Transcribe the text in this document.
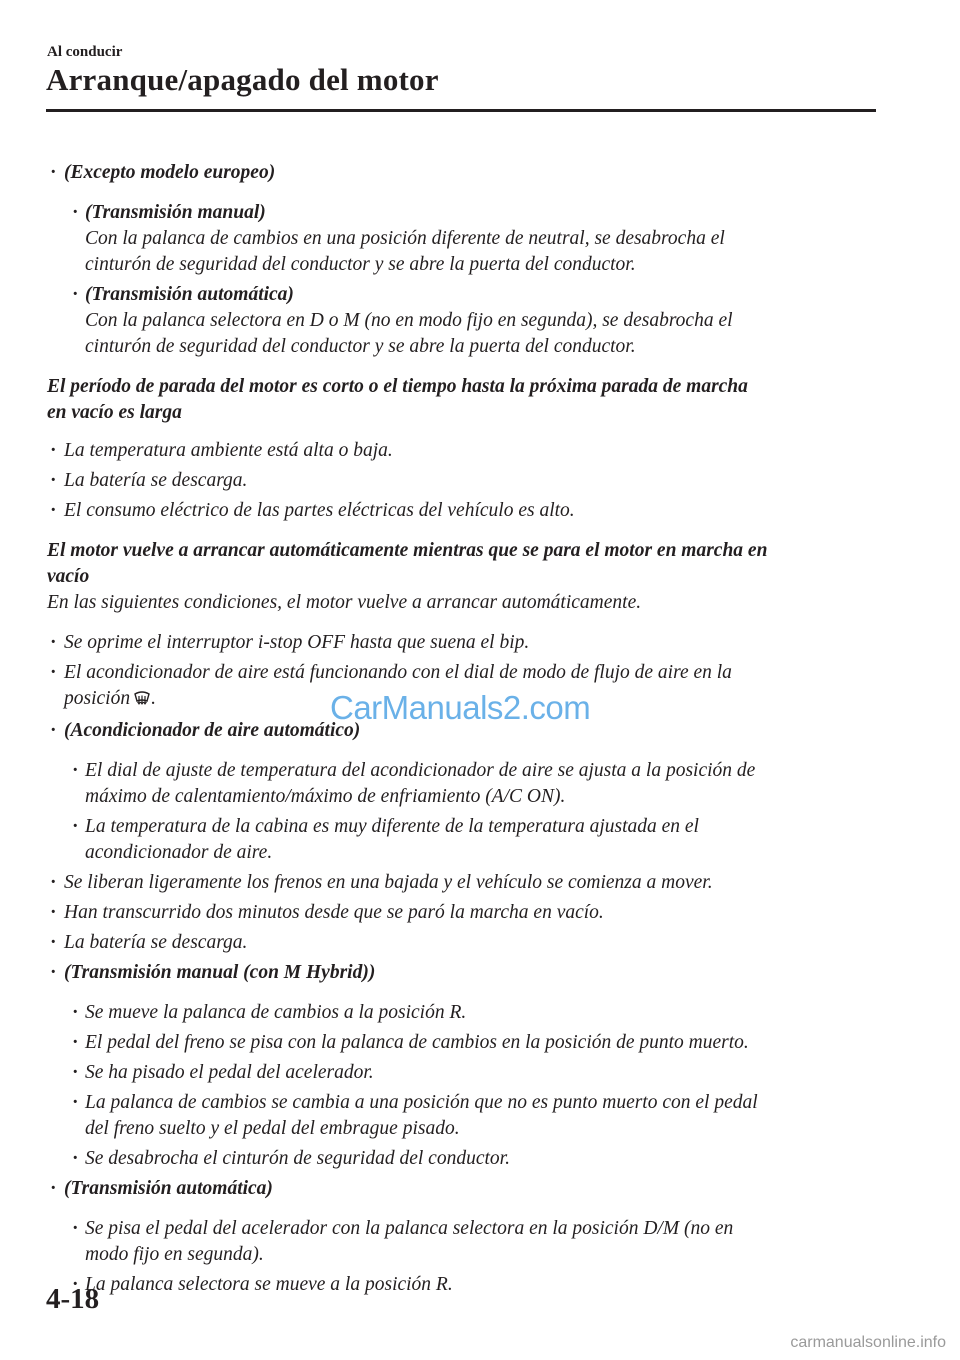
Al conducir
Arranque/apagado del motor
· (Excepto modelo europeo)
· (Transmisión manual)
Con la palanca de cambios en una posición diferente de neutral, se desabrocha el
cinturón de seguridad del conductor y se abre la puerta del conductor.
· (Transmisión automática)
Con la palanca selectora en D o M (no en modo fijo en segunda), se desabrocha el
cinturón de seguridad del conductor y se abre la puerta del conductor.
El período de parada del motor es corto o el tiempo hasta la próxima parada de marcha
en vacío es larga
· La temperatura ambiente está alta o baja.
· La batería se descarga.
· El consumo eléctrico de las partes eléctricas del vehículo es alto.
El motor vuelve a arrancar automáticamente mientras que se para el motor en marcha en
vacío
En las siguientes condiciones, el motor vuelve a arrancar automáticamente.
· Se oprime el interruptor i-stop OFF hasta que suena el bip.
· El acondicionador de aire está funcionando con el dial de modo de flujo de aire en la
posición .
· (Acondicionador de aire automático)
· El dial de ajuste de temperatura del acondicionador de aire se ajusta a la posición de
máximo de calentamiento/máximo de enfriamiento (A/C ON).
· La temperatura de la cabina es muy diferente de la temperatura ajustada en el
acondicionador de aire.
· Se liberan ligeramente los frenos en una bajada y el vehículo se comienza a mover.
· Han transcurrido dos minutos desde que se paró la marcha en vacío.
· La batería se descarga.
· (Transmisión manual (con M Hybrid))
· Se mueve la palanca de cambios a la posición R.
· El pedal del freno se pisa con la palanca de cambios en la posición de punto muerto.
· Se ha pisado el pedal del acelerador.
· La palanca de cambios se cambia a una posición que no es punto muerto con el pedal
del freno suelto y el pedal del embrague pisado.
· Se desabrocha el cinturón de seguridad del conductor.
· (Transmisión automática)
· Se pisa el pedal del acelerador con la palanca selectora en la posición D/M (no en
modo fijo en segunda).
· La palanca selectora se mueve a la posición R.
CarManuals2.com
4-18
carmanualsonline.info
